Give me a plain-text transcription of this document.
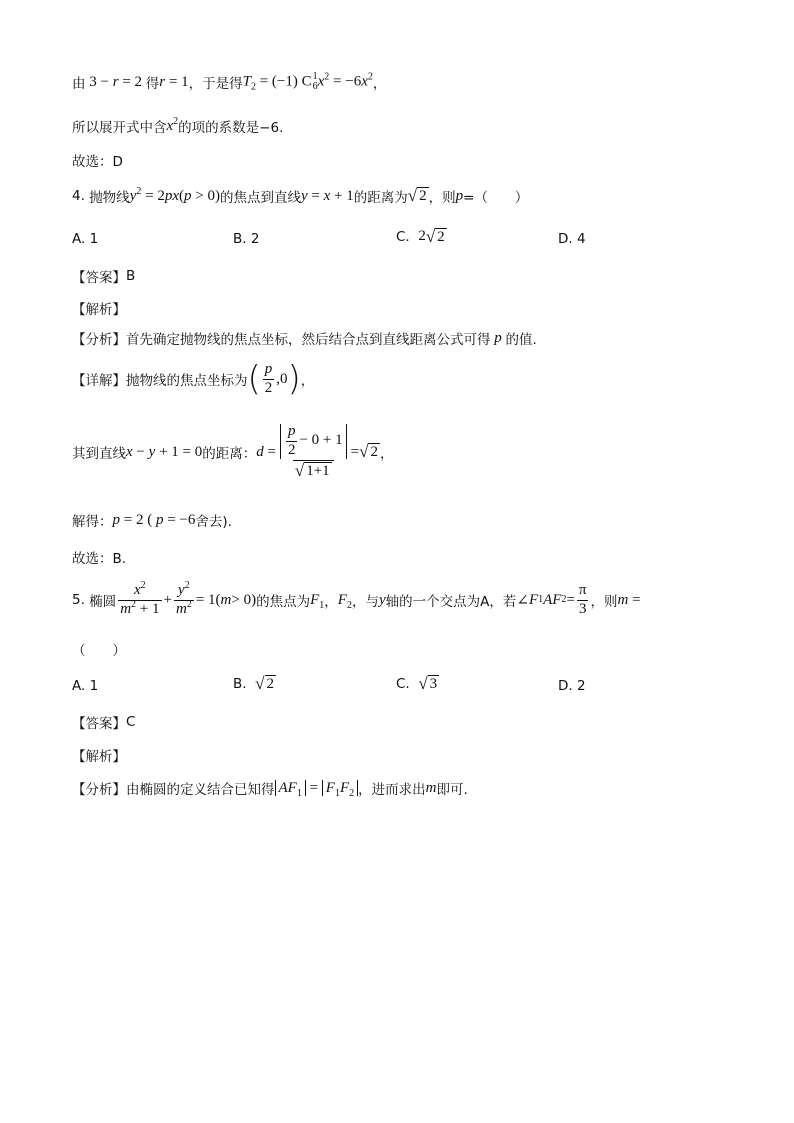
由 3 − r = 2 得 r = 1 ，于是得 $T_2 = (-1)$ C 1
6 $x^2 = -6x^2$ ，
所以展开式中含 $x^2$ 的项的系数是−6.
故选：D
4.
抛物线 $y^2 = 2px(p > 0)$ 的焦点到直线 y = x + 1 的距离为 √ 2 ，则 p =（　　）
A.
1	B.
2	C.
2 √ 2	D.
4
【答案】 B
【解析】
【分析】 首先确定抛物线的焦点坐标，然后结合点到直线距离公式可得 p 的值.
【详解】 抛物线的焦点坐标为 ( $\frac{p}{2} ,0$ ) ，
其到直线 x − y + 1 = 0 的距离： $d = \frac{\frac{p}{2} - 0 + 1}{√ 1+1}$ = √ 2 ，
解得： p = 2 ( p = −6 舍去).
故选：B.
5.
椭圆 $\frac{x^2}{m^2 + 1} + \frac{y^2}{m^2} = 1$( m > 0) 的焦点为 $F_1$ ， $F_2$ ，与 y 轴的一个交点为A，若 ∠ F 1 AF $2 = \frac{\pi}{3}$ ，则 m =
（　　）
A.
1	B.
√ 2	C.
√ 3	D.
2
【答案】 C
【解析】
【分析】 由椭圆的定义结合已知得 $AF_1 = F_1F_2$ ，进而求出 m 即可.
